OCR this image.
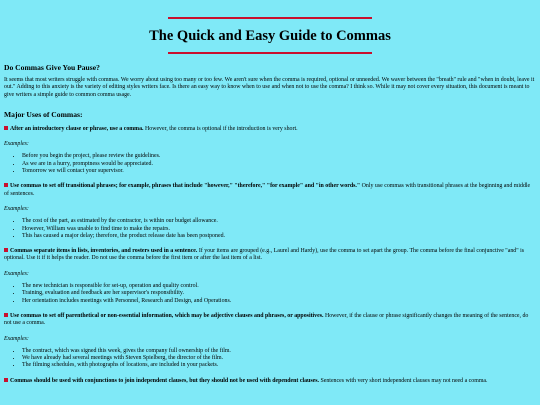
The Quick and Easy Guide to Commas
Do Commas Give You Pause?

It seems that most writers struggle with commas. We worry about using too many or too few. We aren't sure when the comma is required, optional or unneeded. We waver between the "breath" rule and "when in doubt, leave it out." Adding to this anxiety is the variety of editing styles writers face. Is there an easy way to know when to use and when not to use the comma? I think so. While it may not cover every situation, this document is meant to give writers a simple guide to common comma usage.

Major Uses of Commas:

After an introductory clause or phrase, use a comma. However, the comma is optional if the introduction is very short.

Examples:

• Before you begin the project, please review the guidelines.
• As we are in a hurry, promptness would be appreciated.
• Tomorrow we will contact your supervisor.

Use commas to set off transitional phrases; for example, phrases that include "however," "therefore," "for example" and "in other words." Only use commas with transitional phrases at the beginning and middle of sentences.

Examples:

• The cost of the part, as estimated by the contractor, is within our budget allowance.
• However, William was unable to find time to make the repairs.
• This has caused a major delay; therefore, the product release date has been postponed.

Commas separate items in lists, inventories, and rosters used in a sentence. If your items are grouped (e.g., Laurel and Hardy), use the comma to set apart the group. The comma before the final conjunctive "and" is optional. Use it if it helps the reader. Do not use the comma before the first item or after the last item of a list.

Examples:

• The new technician is responsible for set-up, operation and quality control.
• Training, evaluation and feedback are her supervisor's responsibility.
• Her orientation includes meetings with Personnel, Research and Design, and Operations.

Use commas to set off parenthetical or non-essential information, which may be adjective clauses and phrases, or appositives. However, if the clause or phrase significantly changes the meaning of the sentence, do not use a comma.

Examples:

• The contract, which was signed this week, gives the company full ownership of the film.
• We have already had several meetings with Steven Spielberg, the director of the film.
• The filming schedules, with photographs of locations, are included in your packets.

Commas should be used with conjunctions to join independent clauses, but they should not be used with dependent clauses. Sentences with very short independent clauses may not need a comma.
